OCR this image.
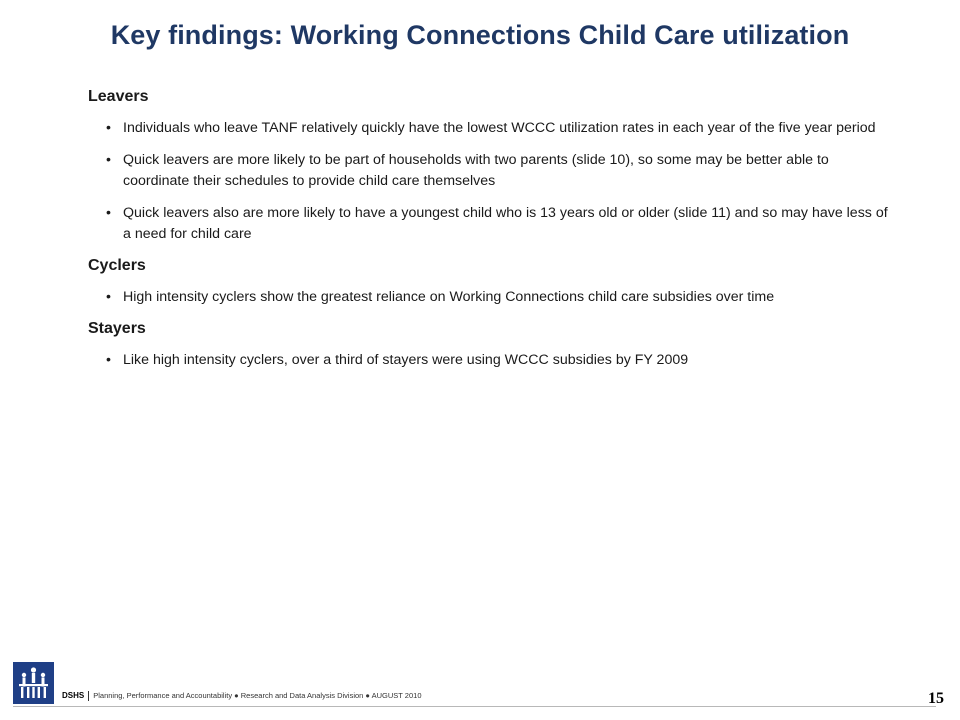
Key findings: Working Connections Child Care utilization
Leavers
• Individuals who leave TANF relatively quickly have the lowest WCCC utilization rates in each year of the five year period
• Quick leavers are more likely to be part of households with two parents (slide 10), so some may be better able to coordinate their schedules to provide child care themselves
• Quick leavers also are more likely to have a youngest child who is 13 years old or older (slide 11) and so may have less of a need for child care
Cyclers
• High intensity cyclers show the greatest reliance on Working Connections child care subsidies over time
Stayers
• Like high intensity cyclers, over a third of stayers were using WCCC subsidies by FY 2009
DSHS Planning, Performance and Accountability ● Research and Data Analysis Division ● AUGUST 2010	15
